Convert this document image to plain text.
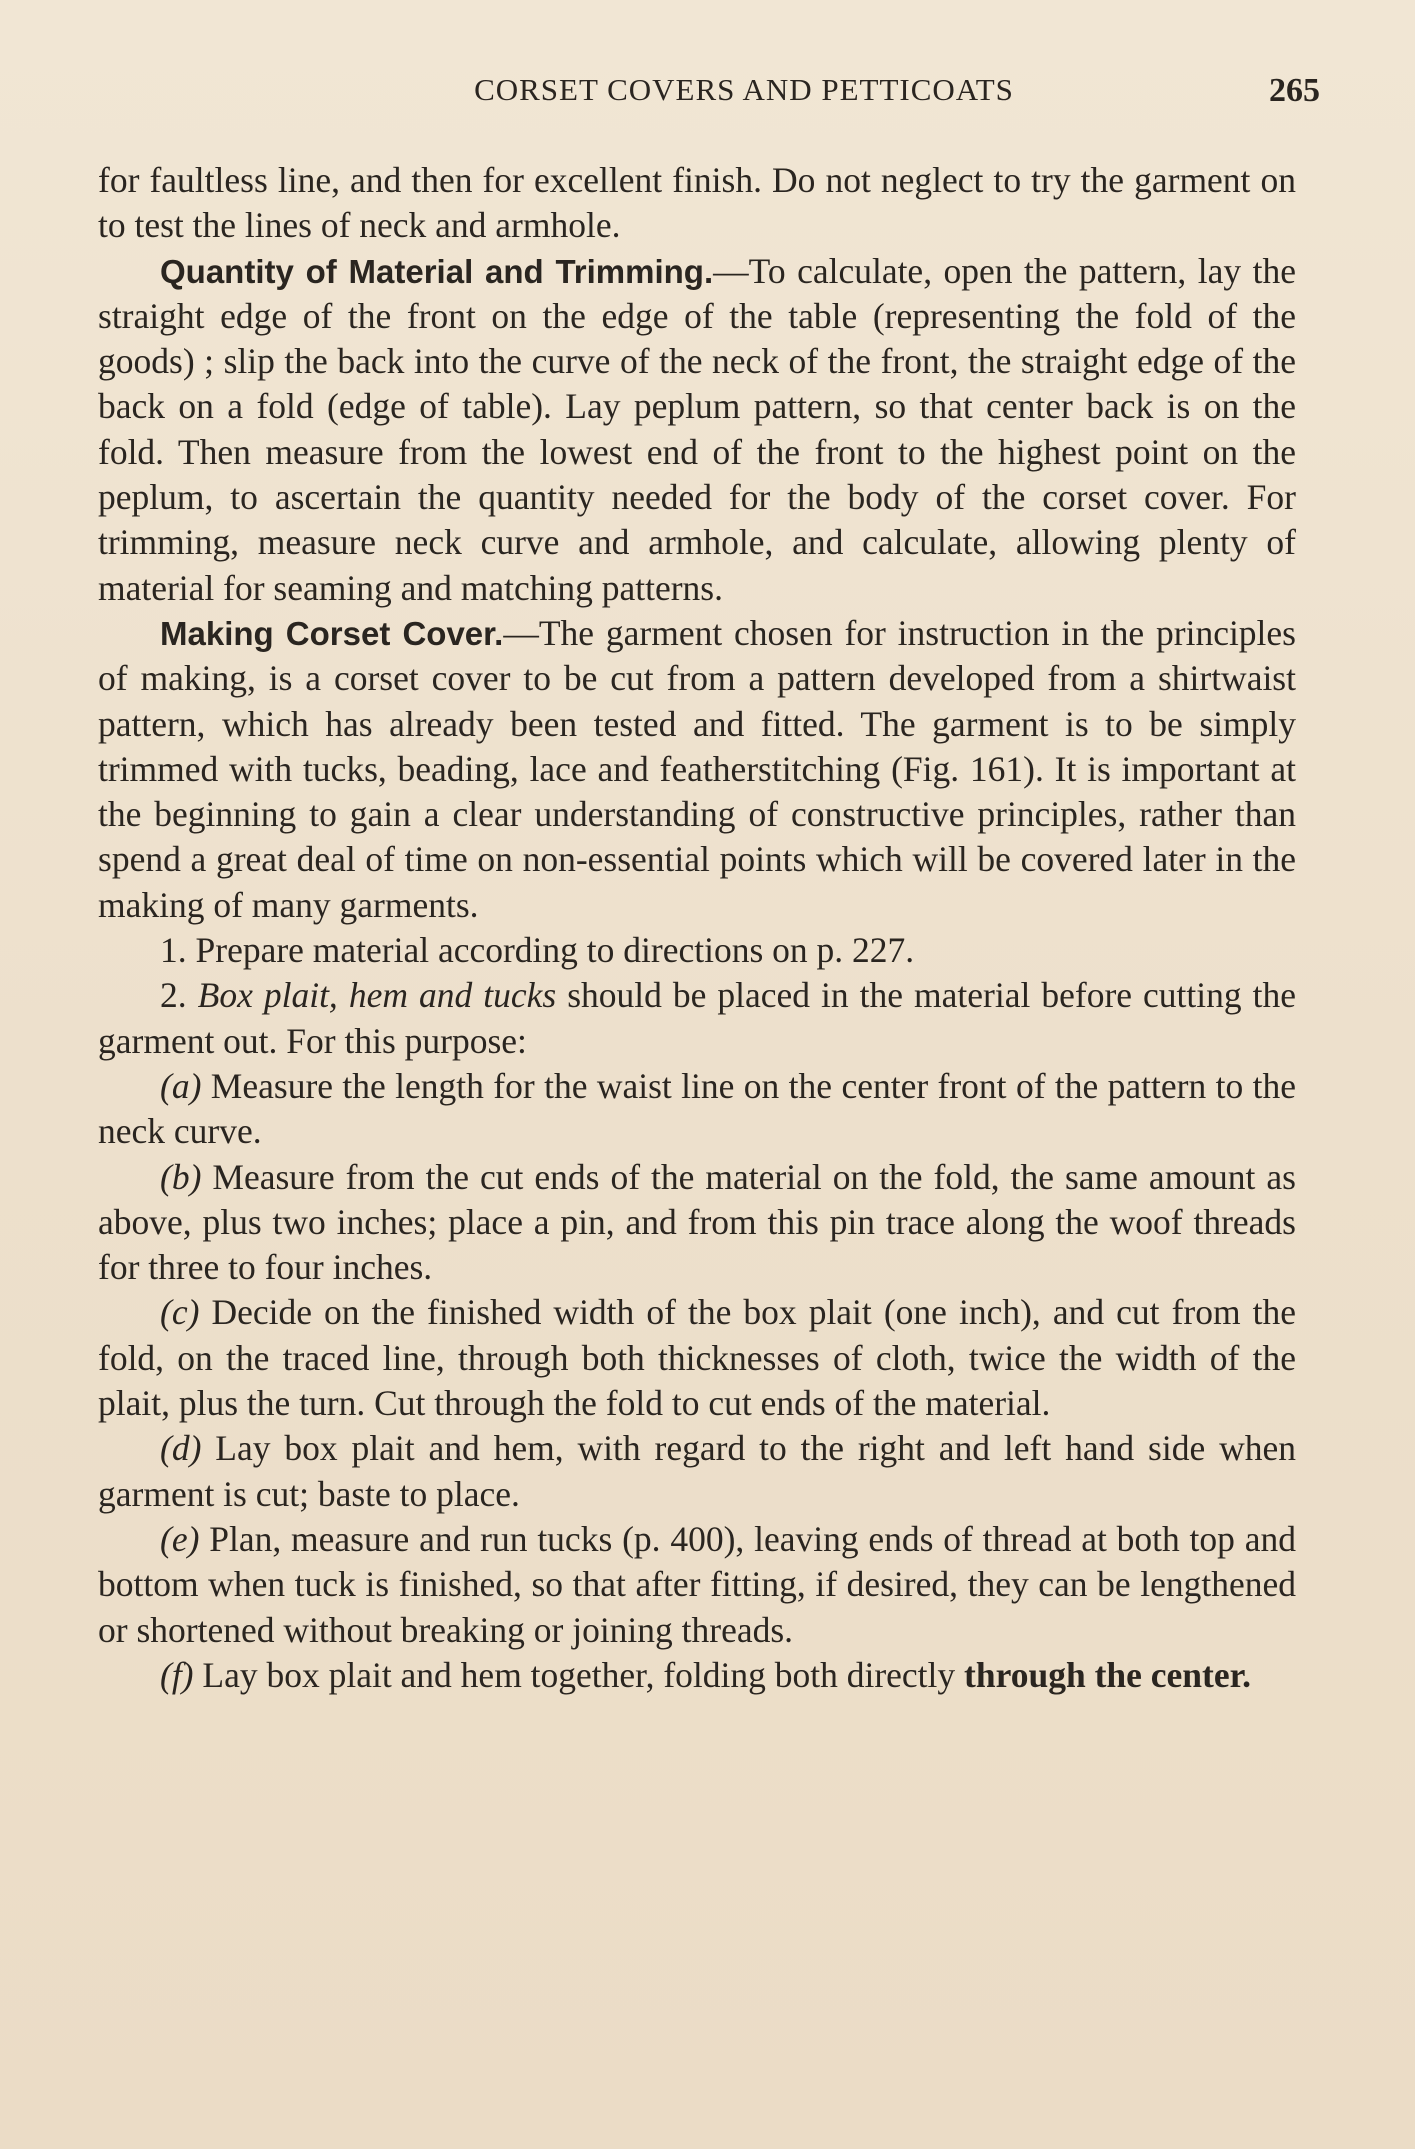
CORSET COVERS AND PETTICOATS	265

for faultless line, and then for excellent finish. Do not neglect to try the garment on to test the lines of neck and armhole.

Quantity of Material and Trimming.—To calculate, open the pattern, lay the straight edge of the front on the edge of the table (representing the fold of the goods) ; slip the back into the curve of the neck of the front, the straight edge of the back on a fold (edge of table). Lay peplum pattern, so that center back is on the fold. Then measure from the lowest end of the front to the highest point on the peplum, to ascertain the quantity needed for the body of the corset cover. For trimming, measure neck curve and armhole, and calculate, allowing plenty of material for seaming and matching patterns.

Making Corset Cover.—The garment chosen for instruction in the principles of making, is a corset cover to be cut from a pattern developed from a shirtwaist pattern, which has already been tested and fitted. The garment is to be simply trimmed with tucks, beading, lace and featherstitching (Fig. 161). It is important at the beginning to gain a clear understanding of constructive principles, rather than spend a great deal of time on non-essential points which will be covered later in the making of many garments.

1. Prepare material according to directions on p. 227.

2. Box plait, hem and tucks should be placed in the material before cutting the garment out. For this purpose:

(a) Measure the length for the waist line on the center front of the pattern to the neck curve.

(b) Measure from the cut ends of the material on the fold, the same amount as above, plus two inches; place a pin, and from this pin trace along the woof threads for three to four inches.

(c) Decide on the finished width of the box plait (one inch), and cut from the fold, on the traced line, through both thicknesses of cloth, twice the width of the plait, plus the turn. Cut through the fold to cut ends of the material.

(d) Lay box plait and hem, with regard to the right and left hand side when garment is cut; baste to place.

(e) Plan, measure and run tucks (p. 400), leaving ends of thread at both top and bottom when tuck is finished, so that after fitting, if desired, they can be lengthened or shortened without breaking or joining threads.

(f) Lay box plait and hem together, folding both directly through the center.
